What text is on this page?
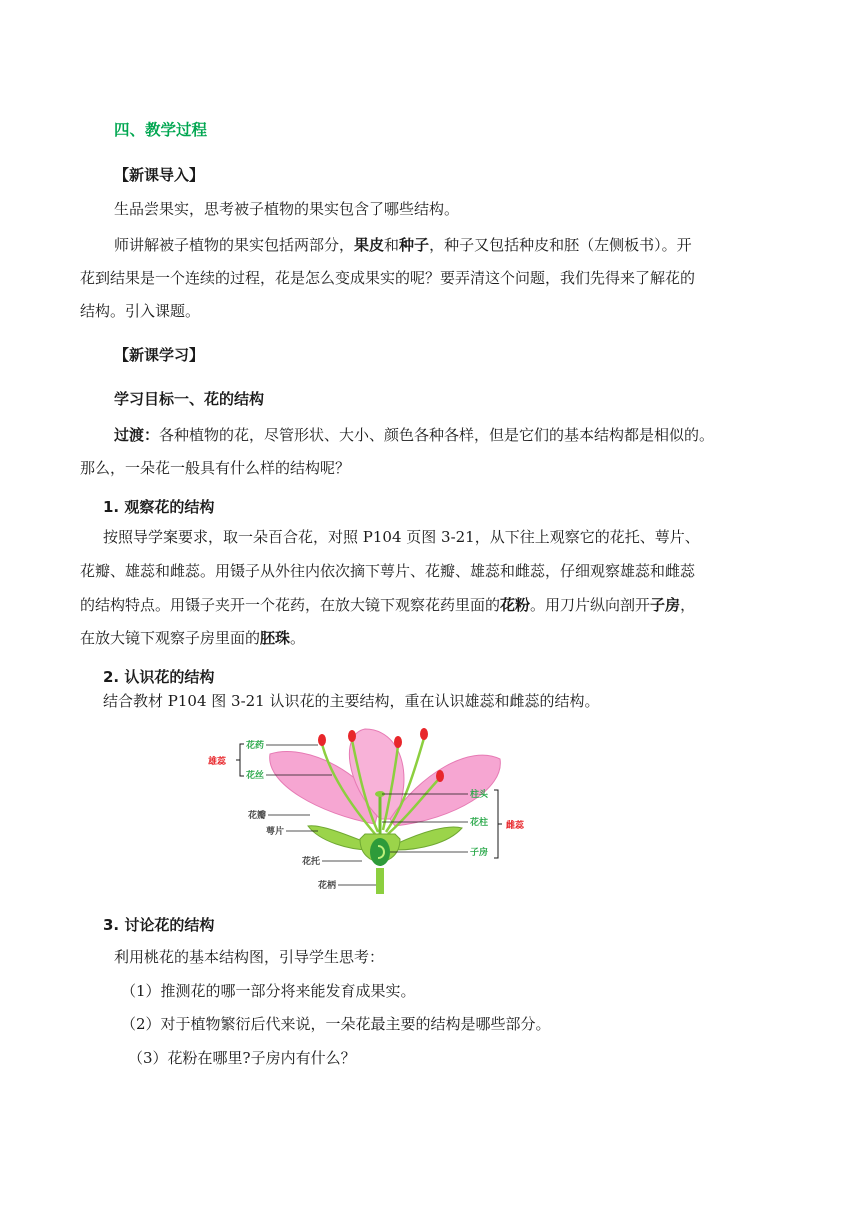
四、教学过程
【新课导入】
生品尝果实，思考被子植物的果实包含了哪些结构。
师讲解被子植物的果实包括两部分，果皮和种子，种子又包括种皮和胚（左侧板书）。开
花到结果是一个连续的过程，花是怎么变成果实的呢？要弄清这个问题，我们先得来了解花的
结构。引入课题。
【新课学习】
学习目标一、花的结构
过渡：各种植物的花，尽管形状、大小、颜色各种各样，但是它们的基本结构都是相似的。
那么，一朵花一般具有什么样的结构呢？
1. 观察花的结构
按照导学案要求，取一朵百合花，对照 P104 页图 3-21，从下往上观察它的花托、萼片、
花瓣、雄蕊和雌蕊。用镊子从外往内依次摘下萼片、花瓣、雄蕊和雌蕊，仔细观察雄蕊和雌蕊
的结构特点。用镊子夹开一个花药，在放大镜下观察花药里面的花粉。用刀片纵向剖开子房，
在放大镜下观察子房里面的胚珠。
2. 认识花的结构
结合教材 P104 图 3-21 认识花的主要结构，重在认识雄蕊和雌蕊的结构。
雄蕊
花药
花丝
花瓣
萼片
花托
花柄
柱头
花柱
子房
雌蕊
3. 讨论花的结构
利用桃花的基本结构图，引导学生思考：
（1）推测花的哪一部分将来能发育成果实。
（2）对于植物繁衍后代来说，一朵花最主要的结构是哪些部分。
（3）花粉在哪里?子房内有什么？
